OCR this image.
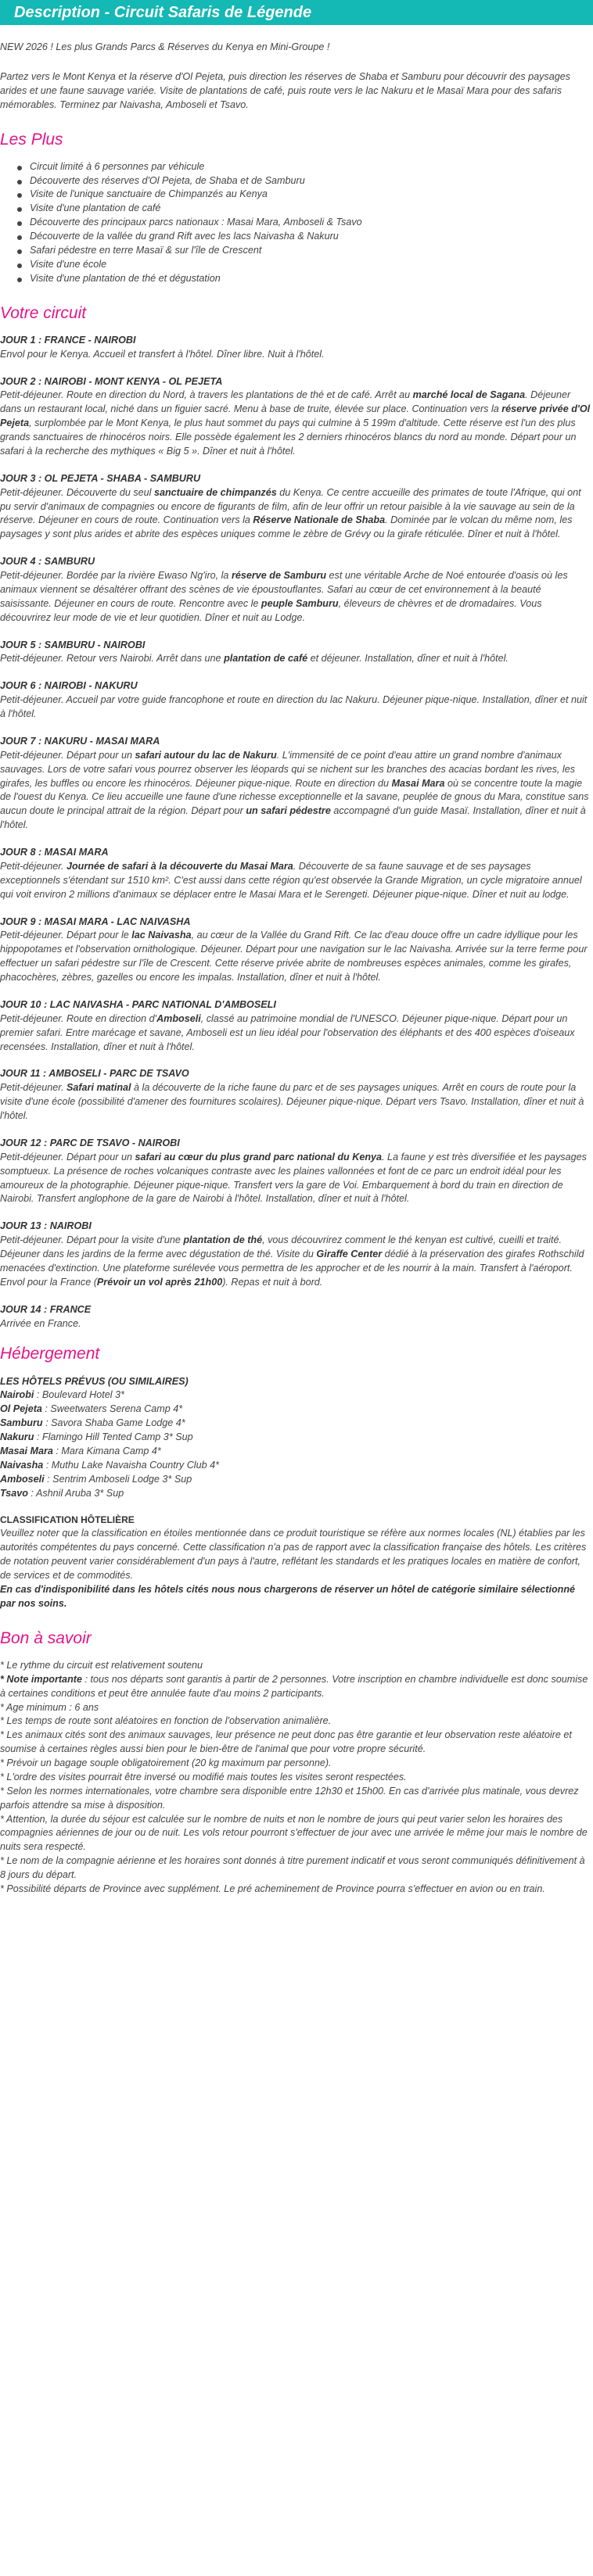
Description - Circuit Safaris de Légende

NEW 2026 ! Les plus Grands Parcs & Réserves du Kenya en Mini-Groupe !

Partez vers le Mont Kenya et la réserve d'Ol Pejeta, puis direction les réserves de Shaba et Samburu pour découvrir des paysages arides et une faune sauvage variée. Visite de plantations de café, puis route vers le lac Nakuru et le Masaï Mara pour des safaris mémorables. Terminez par Naivasha, Amboseli et Tsavo.

Les Plus
Circuit limité à 6 personnes par véhicule
Découverte des réserves d'Ol Pejeta, de Shaba et de Samburu
Visite de l'unique sanctuaire de Chimpanzés au Kenya
Visite d'une plantation de café
Découverte des principaux parcs nationaux : Masai Mara, Amboseli & Tsavo
Découverte de la vallée du grand Rift avec les lacs Naivasha & Nakuru
Safari pédestre en terre Masaï & sur l'île de Crescent
Visite d'une école
Visite d'une plantation de thé et dégustation
Votre circuit

JOUR 1 : FRANCE - NAIROBI

Envol pour le Kenya. Accueil et transfert à l'hôtel. Dîner libre. Nuit à l'hôtel.

JOUR 2 : NAIROBI - MONT KENYA - OL PEJETA

Petit-déjeuner. Route en direction du Nord, à travers les plantations de thé et de café. Arrêt au marché local de Sagana. Déjeuner dans un restaurant local, niché dans un figuier sacré. Menu à base de truite, élevée sur place. Continuation vers la réserve privée d'Ol Pejeta, surplombée par le Mont Kenya, le plus haut sommet du pays qui culmine à 5 199m d'altitude. Cette réserve est l'un des plus grands sanctuaires de rhinocéros noirs. Elle possède également les 2 derniers rhinocéros blancs du nord au monde. Départ pour un safari à la recherche des mythiques « Big 5 ». Dîner et nuit à l'hôtel.

JOUR 3 : OL PEJETA - SHABA - SAMBURU

Petit-déjeuner. Découverte du seul sanctuaire de chimpanzés du Kenya. Ce centre accueille des primates de toute l'Afrique, qui ont pu servir d'animaux de compagnies ou encore de figurants de film, afin de leur offrir un retour paisible à la vie sauvage au sein de la réserve. Déjeuner en cours de route. Continuation vers la Réserve Nationale de Shaba. Dominée par le volcan du même nom, les paysages y sont plus arides et abrite des espèces uniques comme le zèbre de Grévy ou la girafe réticulée. Dîner et nuit à l'hôtel.

JOUR 4 : SAMBURU

Petit-déjeuner. Bordée par la rivière Ewaso Ng'iro, la réserve de Samburu est une véritable Arche de Noé entourée d'oasis où les animaux viennent se désaltérer offrant des scènes de vie époustouflantes. Safari au cœur de cet environnement à la beauté saisissante. Déjeuner en cours de route. Rencontre avec le peuple Samburu, éleveurs de chèvres et de dromadaires. Vous découvrirez leur mode de vie et leur quotidien. Dîner et nuit au Lodge.

JOUR 5 : SAMBURU - NAIROBI

Petit-déjeuner. Retour vers Nairobi. Arrêt dans une plantation de café et déjeuner. Installation, dîner et nuit à l'hôtel.

JOUR 6 : NAIROBI - NAKURU

Petit-déjeuner. Accueil par votre guide francophone et route en direction du lac Nakuru. Déjeuner pique-nique. Installation, dîner et nuit à l'hôtel.

JOUR 7 : NAKURU - MASAI MARA

Petit-déjeuner. Départ pour un safari autour du lac de Nakuru. L'immensité de ce point d'eau attire un grand nombre d'animaux sauvages. Lors de votre safari vous pourrez observer les léopards qui se nichent sur les branches des acacias bordant les rives, les girafes, les buffles ou encore les rhinocéros. Déjeuner pique-nique. Route en direction du Masai Mara où se concentre toute la magie de l'ouest du Kenya. Ce lieu accueille une faune d'une richesse exceptionnelle et la savane, peuplée de gnous du Mara, constitue sans aucun doute le principal attrait de la région. Départ pour un safari pédestre accompagné d'un guide Masaï. Installation, dîner et nuit à l'hôtel.

JOUR 8 : MASAI MARA

Petit-déjeuner. Journée de safari à la découverte du Masai Mara. Découverte de sa faune sauvage et de ses paysages exceptionnels s'étendant sur 1510 km². C'est aussi dans cette région qu'est observée la Grande Migration, un cycle migratoire annuel qui voit environ 2 millions d'animaux se déplacer entre le Masai Mara et le Serengeti. Déjeuner pique-nique. Dîner et nuit au lodge.

JOUR 9 : MASAI MARA - LAC NAIVASHA

Petit-déjeuner. Départ pour le lac Naivasha, au cœur de la Vallée du Grand Rift. Ce lac d'eau douce offre un cadre idyllique pour les hippopotames et l'observation ornithologique. Déjeuner. Départ pour une navigation sur le lac Naivasha. Arrivée sur la terre ferme pour effectuer un safari pédestre sur l'île de Crescent. Cette réserve privée abrite de nombreuses espèces animales, comme les girafes, phacochères, zèbres, gazelles ou encore les impalas. Installation, dîner et nuit à l'hôtel.

JOUR 10 : LAC NAIVASHA - PARC NATIONAL D'AMBOSELI

Petit-déjeuner. Route en direction d'Amboseli, classé au patrimoine mondial de l'UNESCO. Déjeuner pique-nique. Départ pour un premier safari. Entre marécage et savane, Amboseli est un lieu idéal pour l'observation des éléphants et des 400 espèces d'oiseaux recensées. Installation, dîner et nuit à l'hôtel.

JOUR 11 : AMBOSELI - PARC DE TSAVO

Petit-déjeuner. Safari matinal à la découverte de la riche faune du parc et de ses paysages uniques. Arrêt en cours de route pour la visite d'une école (possibilité d'amener des fournitures scolaires). Déjeuner pique-nique. Départ vers Tsavo. Installation, dîner et nuit à l'hôtel.

JOUR 12 : PARC DE TSAVO - NAIROBI

Petit-déjeuner. Départ pour un safari au cœur du plus grand parc national du Kenya. La faune y est très diversifiée et les paysages somptueux. La présence de roches volcaniques contraste avec les plaines vallonnées et font de ce parc un endroit idéal pour les amoureux de la photographie. Déjeuner pique-nique. Transfert vers la gare de Voi. Embarquement à bord du train en direction de Nairobi. Transfert anglophone de la gare de Nairobi à l'hôtel. Installation, dîner et nuit à l'hôtel.

JOUR 13 : NAIROBI

Petit-déjeuner. Départ pour la visite d'une plantation de thé, vous découvrirez comment le thé kenyan est cultivé, cueilli et traité. Déjeuner dans les jardins de la ferme avec dégustation de thé. Visite du Giraffe Center dédié à la préservation des girafes Rothschild menacées d'extinction. Une plateforme surélevée vous permettra de les approcher et de les nourrir à la main. Transfert à l'aéroport. Envol pour la France (Prévoir un vol après 21h00). Repas et nuit à bord.

JOUR 14 : FRANCE

Arrivée en France.

Hébergement

LES HÔTELS PRÉVUS (OU SIMILAIRES)

Nairobi : Boulevard Hotel 3*

Ol Pejeta : Sweetwaters Serena Camp 4*

Samburu : Savora Shaba Game Lodge 4*

Nakuru : Flamingo Hill Tented Camp 3* Sup

Masai Mara : Mara Kimana Camp 4*

Naivasha : Muthu Lake Navaisha Country Club 4*

Amboseli : Sentrim Amboseli Lodge 3* Sup

Tsavo : Ashnil Aruba 3* Sup

CLASSIFICATION HÔTELIÈRE

Veuillez noter que la classification en étoiles mentionnée dans ce produit touristique se réfère aux normes locales (NL) établies par les autorités compétentes du pays concerné. Cette classification n'a pas de rapport avec la classification française des hôtels. Les critères de notation peuvent varier considérablement d'un pays à l'autre, reflétant les standards et les pratiques locales en matière de confort, de services et de commodités.

En cas d'indisponibilité dans les hôtels cités nous nous chargerons de réserver un hôtel de catégorie similaire sélectionné par nos soins.

Bon à savoir

* Le rythme du circuit est relativement soutenu

* Note importante : tous nos départs sont garantis à partir de 2 personnes. Votre inscription en chambre individuelle est donc soumise à certaines conditions et peut être annulée faute d'au moins 2 participants.

* Age minimum : 6 ans

* Les temps de route sont aléatoires en fonction de l'observation animalière.

* Les animaux cités sont des animaux sauvages, leur présence ne peut donc pas être garantie et leur observation reste aléatoire et soumise à certaines règles aussi bien pour le bien-être de l'animal que pour votre propre sécurité.

* Prévoir un bagage souple obligatoirement (20 kg maximum par personne).

* L'ordre des visites pourrait être inversé ou modifié mais toutes les visites seront respectées.

* Selon les normes internationales, votre chambre sera disponible entre 12h30 et 15h00. En cas d'arrivée plus matinale, vous devrez parfois attendre sa mise à disposition.

* Attention, la durée du séjour est calculée sur le nombre de nuits et non le nombre de jours qui peut varier selon les horaires des compagnies aériennes de jour ou de nuit. Les vols retour pourront s'effectuer de jour avec une arrivée le même jour mais le nombre de nuits sera respecté.

* Le nom de la compagnie aérienne et les horaires sont donnés à titre purement indicatif et vous seront communiqués définitivement à 8 jours du départ.

* Possibilité départs de Province avec supplément. Le pré acheminement de Province pourra s'effectuer en avion ou en train.
